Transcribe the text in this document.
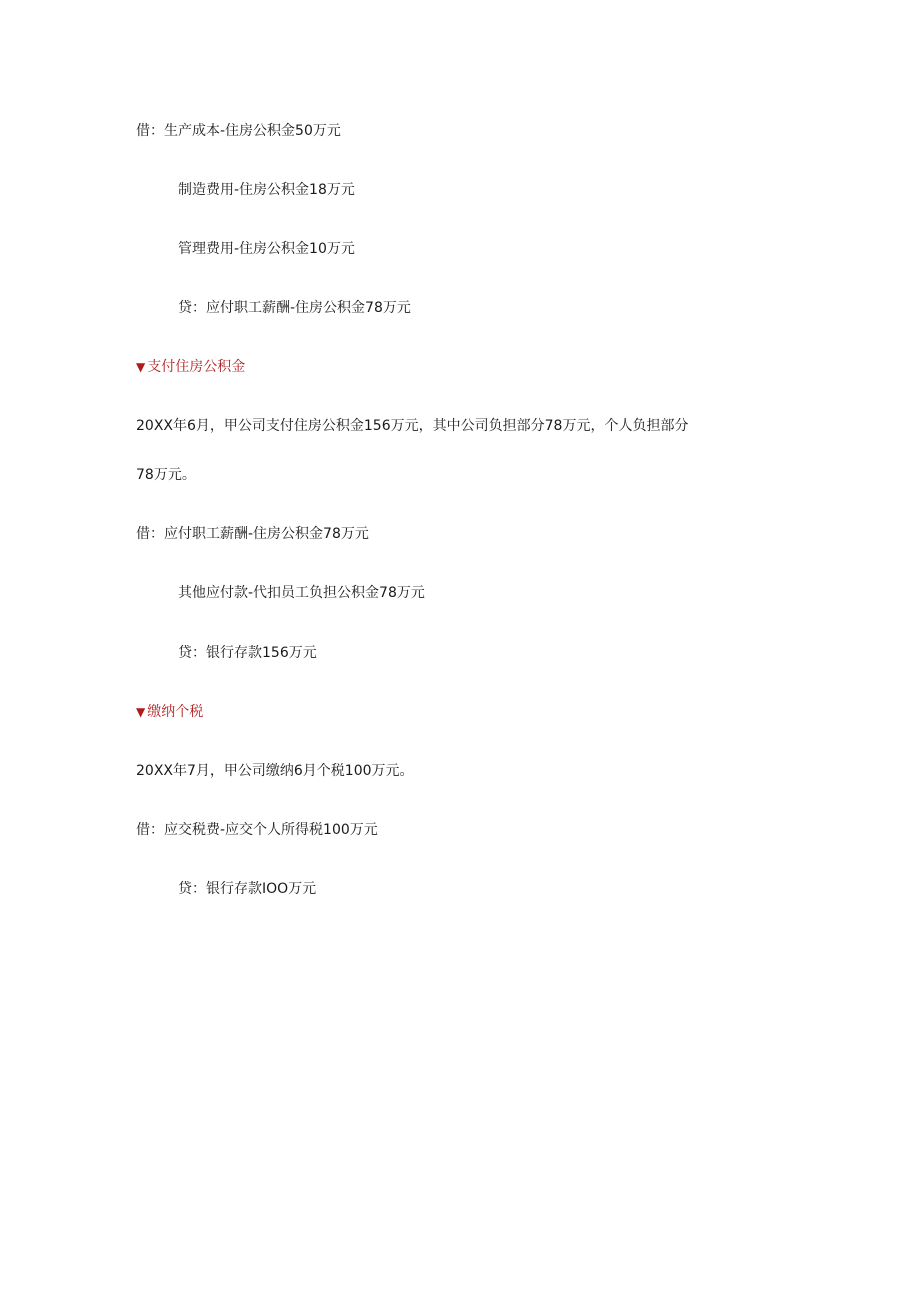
借：生产成本-住房公积金50万元
制造费用-住房公积金18万元
管理费用-住房公积金10万元
贷：应付职工薪酬-住房公积金78万元
▼ 支付住房公积金
20XX年6月，甲公司支付住房公积金156万元，其中公司负担部分78万元，个人负担部分
78万元。
借：应付职工薪酬-住房公积金78万元
其他应付款-代扣员工负担公积金78万元
贷：银行存款156万元
▼ 缴纳个税
20XX年7月，甲公司缴纳6月个税100万元。
借：应交税费-应交个人所得税100万元
贷：银行存款IOO万元
